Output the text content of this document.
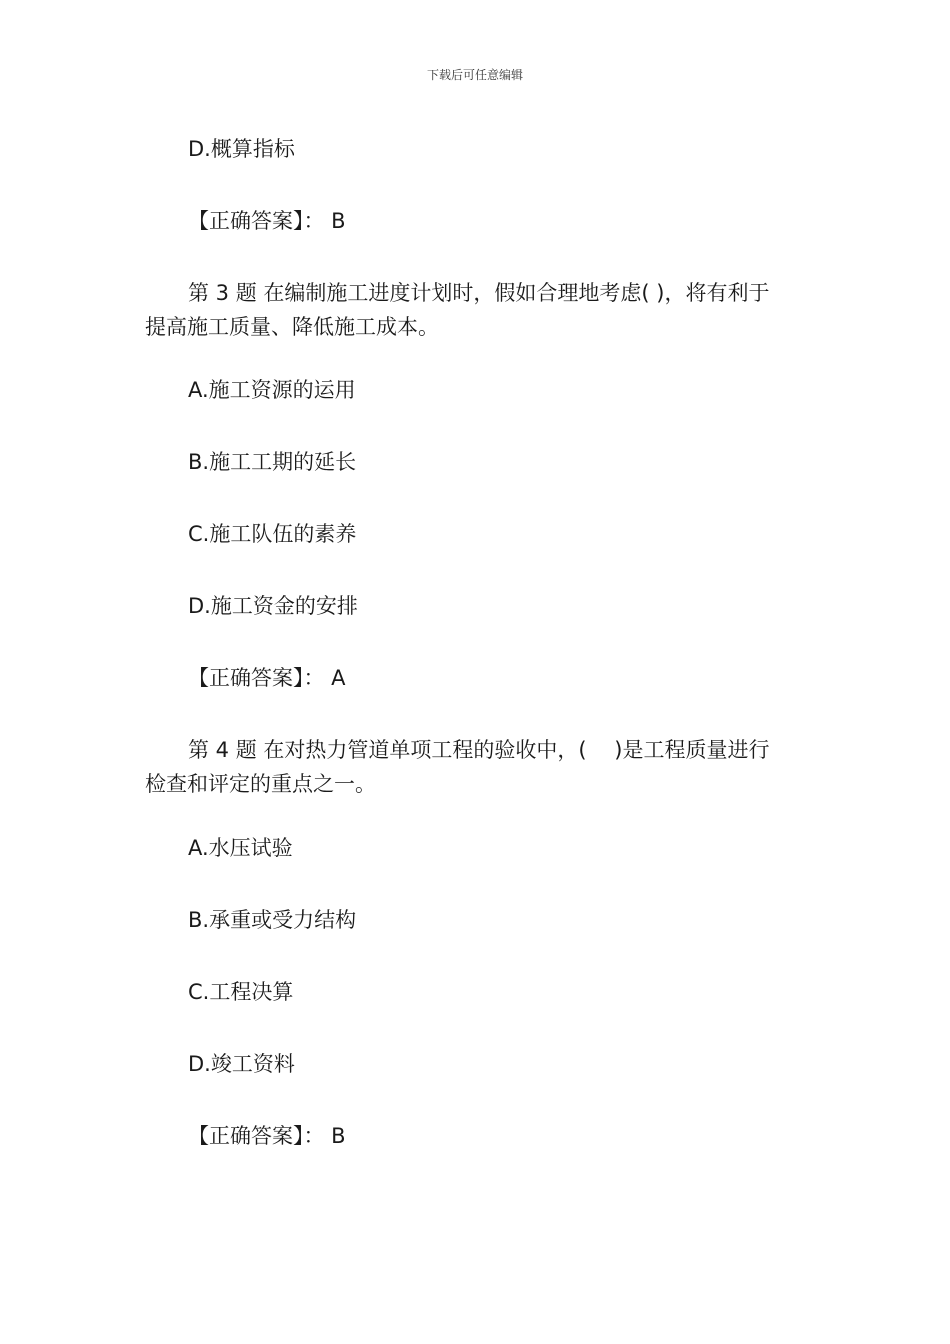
下载后可任意编辑
D.概算指标
【正确答案】： B
第 3 题 在编制施工进度计划时，假如合理地考虑( )，将有利于
提高施工质量、降低施工成本。
A.施工资源的运用
B.施工工期的延长
C.施工队伍的素养
D.施工资金的安排
【正确答案】： A
第 4 题 在对热力管道单项工程的验收中，(　 )是工程质量进行
检查和评定的重点之一。
A.水压试验
B.承重或受力结构
C.工程决算
D.竣工资料
【正确答案】： B
